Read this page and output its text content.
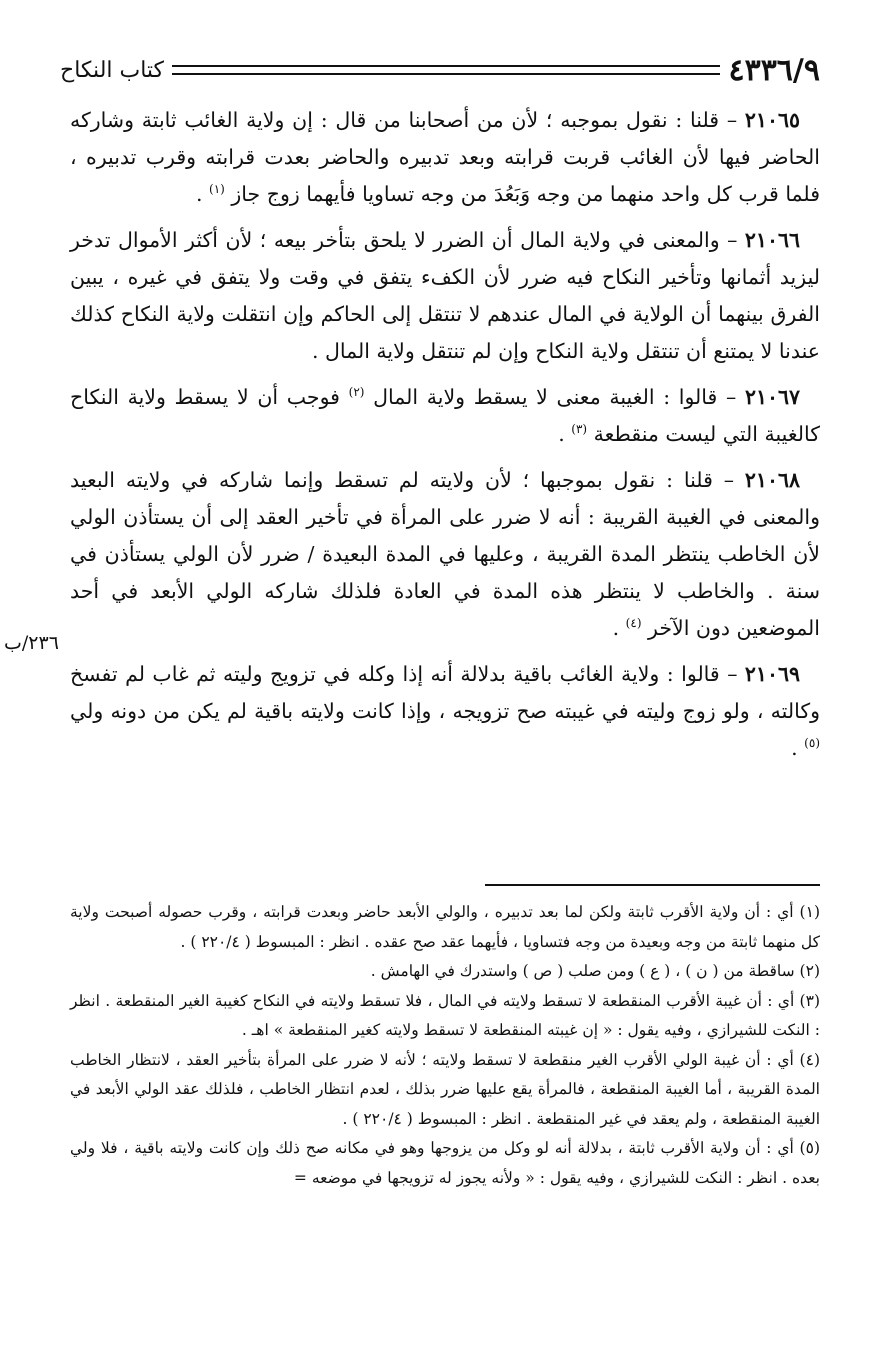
٤٣٣٦/٩
كتاب النكاح
٢٣٦/ب

٢١٠٦٥ – قلنا : نقول بموجبه ؛ لأن من أصحابنا من قال : إن ولاية الغائب ثابتة وشاركه الحاضر فيها لأن الغائب قربت قرابته وبعد تدبيره والحاضر بعدت قرابته وقرب تدبيره ، فلما قرب كل واحد منهما من وجه وَبَعُدَ من وجه تساويا فأيهما زوج جاز $^{(١)}$ .

٢١٠٦٦ – والمعنى في ولاية المال أن الضرر لا يلحق بتأخر بيعه ؛ لأن أكثر الأموال تدخر ليزيد أثمانها وتأخير النكاح فيه ضرر لأن الكفء يتفق في وقت ولا يتفق في غيره ، يبين الفرق بينهما أن الولاية في المال عندهم لا تنتقل إلى الحاكم وإن انتقلت ولاية النكاح كذلك عندنا لا يمتنع أن تنتقل ولاية النكاح وإن لم تنتقل ولاية المال .

٢١٠٦٧ – قالوا : الغيبة معنى لا يسقط ولاية المال $^{(٢)}$ فوجب أن لا يسقط ولاية النكاح كالغيبة التي ليست منقطعة $^{(٣)}$ .

٢١٠٦٨ – قلنا : نقول بموجبها ؛ لأن ولايته لم تسقط وإنما شاركه في ولايته البعيد والمعنى في الغيبة القريبة : أنه لا ضرر على المرأة في تأخير العقد إلى أن يستأذن الولي لأن الخاطب ينتظر المدة القريبة ، وعليها في المدة البعيدة / ضرر لأن الولي يستأذن في سنة . والخاطب لا ينتظر هذه المدة في العادة فلذلك شاركه الولي الأبعد في أحد الموضعين دون الآخر $^{(٤)}$ .

٢١٠٦٩ – قالوا : ولاية الغائب باقية بدلالة أنه إذا وكله في تزويج وليته ثم غاب لم تفسخ وكالته ، ولو زوج وليته في غيبته صح تزويجه ، وإذا كانت ولايته باقية لم يكن من دونه ولي $^{(٥)}$ .

(١) أي : أن ولاية الأقرب ثابتة ولكن لما بعد تدبيره ، والولي الأبعد حاضر وبعدت قرابته ، وقرب حصوله أصبحت ولاية كل منهما ثابتة من وجه وبعيدة من وجه فتساويا ، فأيهما عقد صح عقده . انظر : المبسوط ( ٢٢٠/٤ ) .

(٢) ساقطة من ( ن ) ، ( ع ) ومن صلب ( ص ) واستدرك في الهامش .

(٣) أي : أن غيبة الأقرب المنقطعة لا تسقط ولايته في المال ، فلا تسقط ولايته في النكاح كغيبة الغير المنقطعة . انظر : النكت للشيرازي ، وفيه يقول : « إن غيبته المنقطعة لا تسقط ولايته كغير المنقطعة » اهـ .

(٤) أي : أن غيبة الولي الأقرب الغير منقطعة لا تسقط ولايته ؛ لأنه لا ضرر على المرأة بتأخير العقد ، لانتظار الخاطب المدة القريبة ، أما الغيبة المنقطعة ، فالمرأة يقع عليها ضرر بذلك ، لعدم انتظار الخاطب ، فلذلك عقد الولي الأبعد في الغيبة المنقطعة ، ولم يعقد في غير المنقطعة . انظر : المبسوط ( ٢٢٠/٤ ) .

(٥) أي : أن ولاية الأقرب ثابتة ، بدلالة أنه لو وكل من يزوجها وهو في مكانه صح ذلك وإن كانت ولايته باقية ، فلا ولي بعده . انظر : النكت للشيرازي ، وفيه يقول : « ولأنه يجوز له تزويجها في موضعه =
